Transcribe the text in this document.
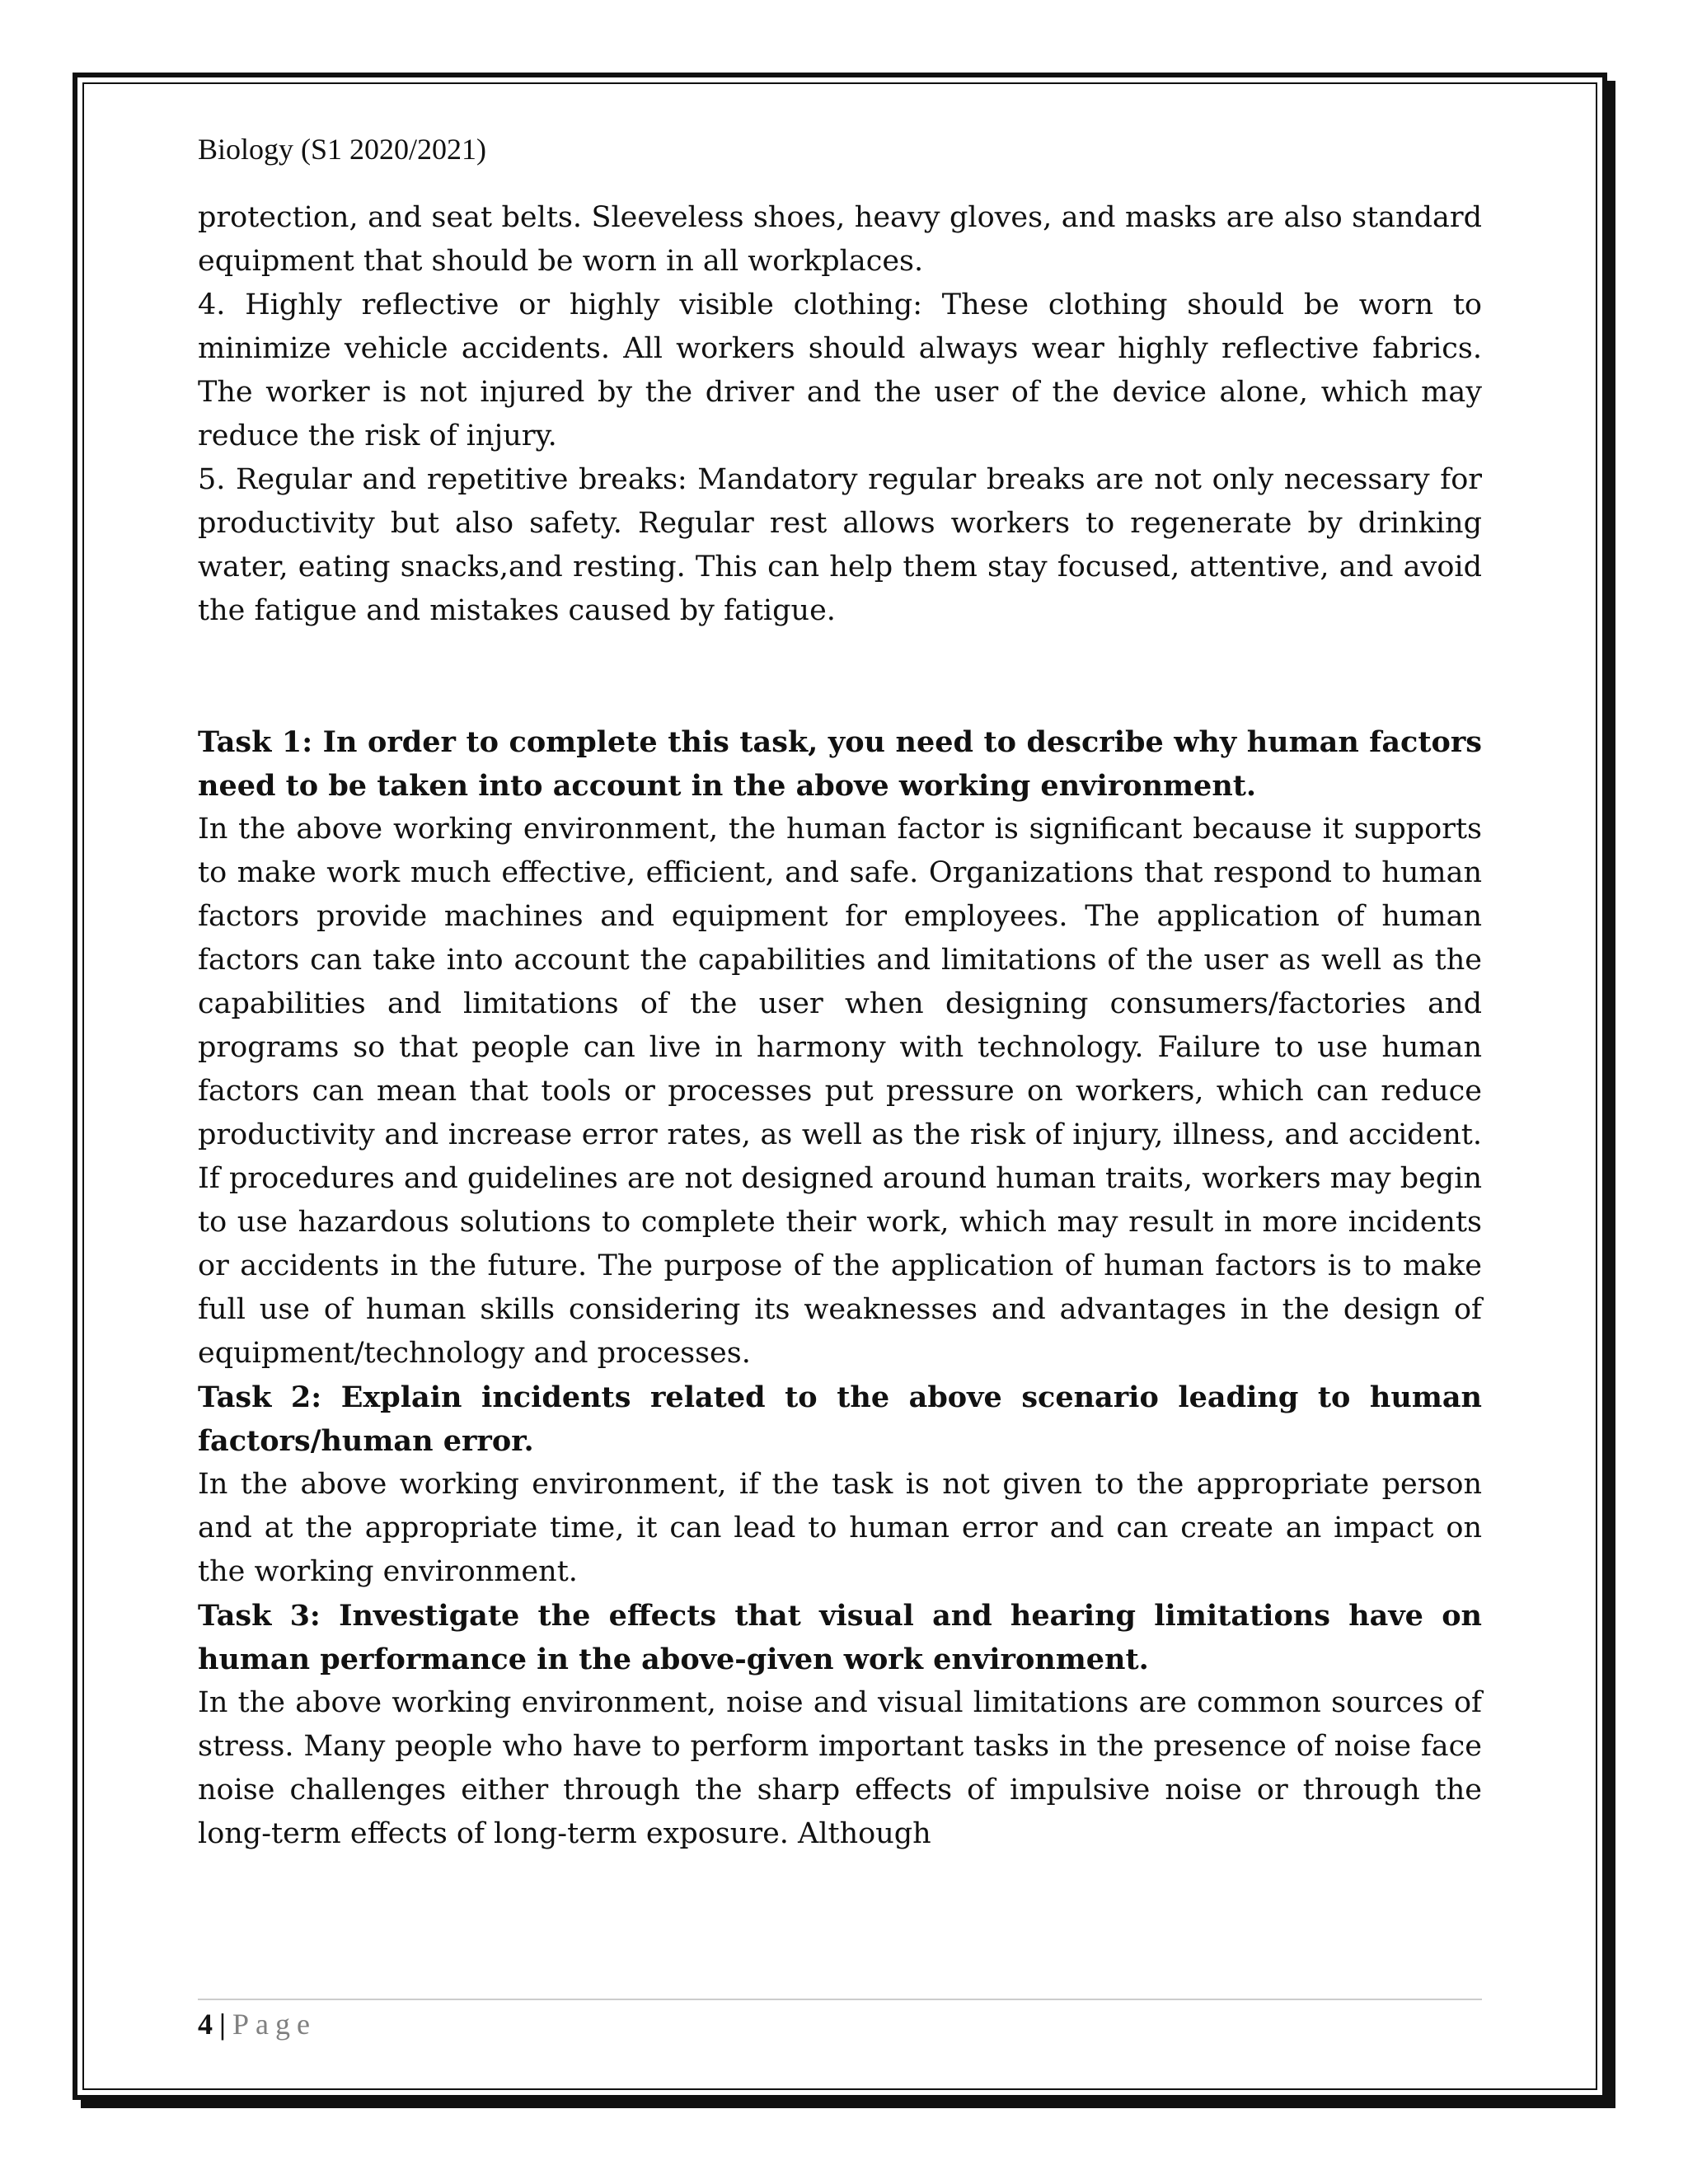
Biology (S1 2020/2021)

protection, and seat belts. Sleeveless shoes, heavy gloves, and masks are also standard equipment that should be worn in all workplaces.

4. Highly reflective or highly visible clothing: These clothing should be worn to minimize vehicle accidents. All workers should always wear highly reflective fabrics. The worker is not injured by the driver and the user of the device alone, which may reduce the risk of injury.

5. Regular and repetitive breaks: Mandatory regular breaks are not only necessary for productivity but also safety. Regular rest allows workers to regenerate by drinking water, eating snacks,and resting. This can help them stay focused, attentive, and avoid the fatigue and mistakes caused by fatigue.

Task 1: In order to complete this task, you need to describe why human factors need to be taken into account in the above working environment.

In the above working environment, the human factor is significant because it supports to make work much effective, efficient, and safe. Organizations that respond to human factors provide machines and equipment for employees. The application of human factors can take into account the capabilities and limitations of the user as well as the capabilities and limitations of the user when designing consumers/factories and programs so that people can live in harmony with technology. Failure to use human factors can mean that tools or processes put pressure on workers, which can reduce productivity and increase error rates, as well as the risk of injury, illness, and accident. If procedures and guidelines are not designed around human traits, workers may begin to use hazardous solutions to complete their work, which may result in more incidents or accidents in the future. The purpose of the application of human factors is to make full use of human skills considering its weaknesses and advantages in the design of equipment/technology and processes.

Task 2: Explain incidents related to the above scenario leading to human factors/human error.

In the above working environment, if the task is not given to the appropriate person and at the appropriate time, it can lead to human error and can create an impact on the working environment.

Task 3: Investigate the effects that visual and hearing limitations have on human performance in the above-given work environment.

In the above working environment, noise and visual limitations are common sources of stress. Many people who have to perform important tasks in the presence of noise face noise challenges either through the sharp effects of impulsive noise or through the long-term effects of long-term exposure. Although

4 | Page
